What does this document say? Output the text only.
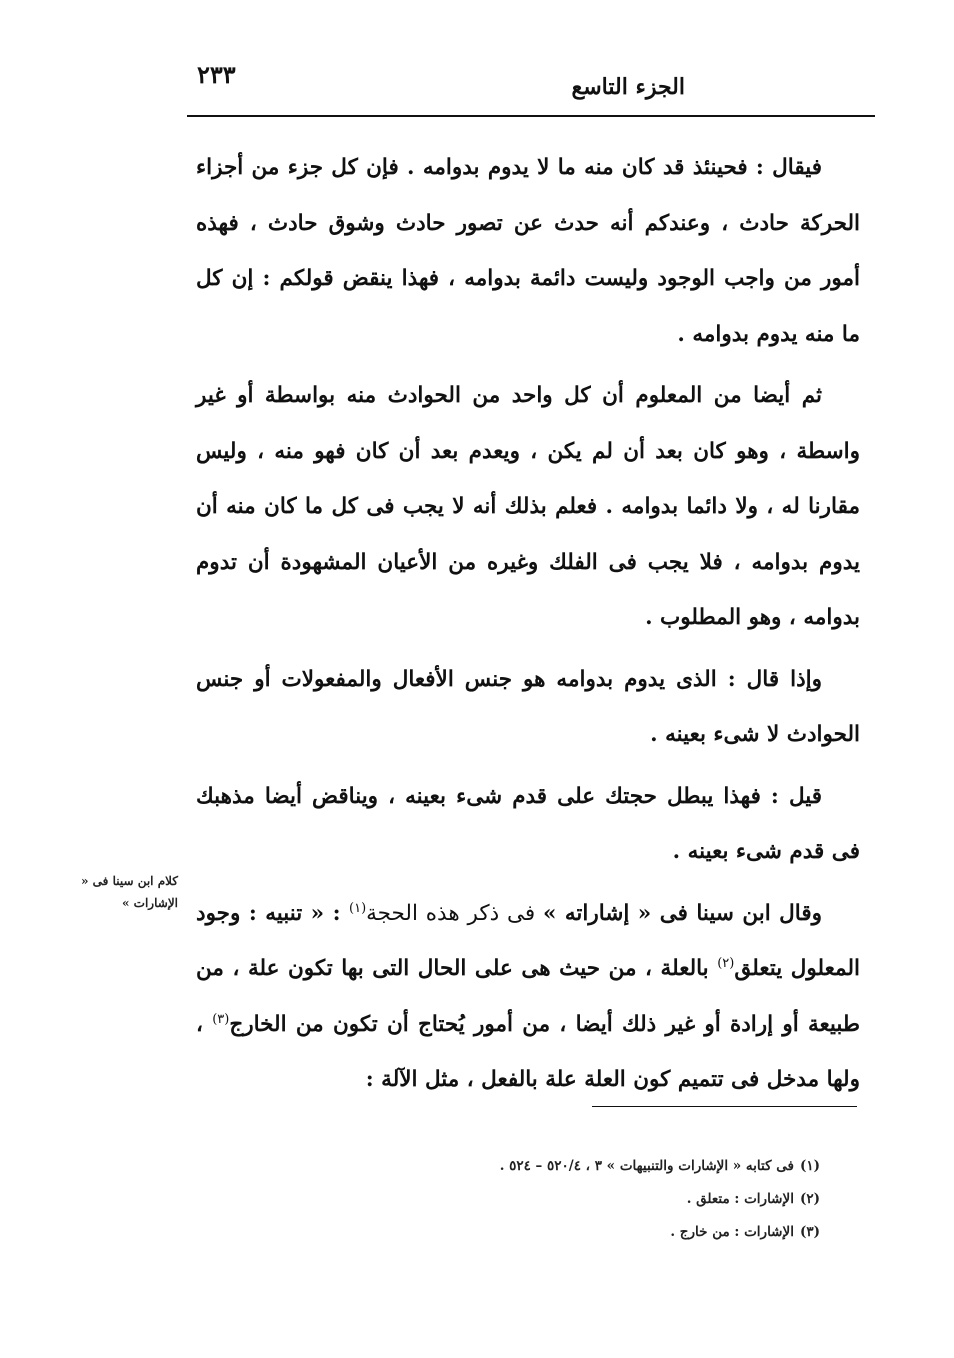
الجزء التاسع
٢٣٣

فيقال : فحينئذ قد كان منه ما لا يدوم بدوامه . فإن كل جزء من أجزاء الحركة حادث ، وعندكم أنه حدث عن تصور حادث وشوق حادث ، فهذه أمور من واجب الوجود وليست دائمة بدوامه ، فهذا ينقض قولكم : إن كل ما منه يدوم بدوامه .

ثم أيضا من المعلوم أن كل واحد من الحوادث منه بواسطة أو غير واسطة ، وهو كان بعد أن لم يكن ، ويعدم بعد أن كان فهو منه ، وليس مقارنا له ، ولا دائما بدوامه . فعلم بذلك أنه لا يجب فى كل ما كان منه أن يدوم بدوامه ، فلا يجب فى الفلك وغيره من الأعيان المشهودة أن تدوم بدوامه ، وهو المطلوب .

وإذا قال : الذى يدوم بدوامه هو جنس الأفعال والمفعولات أو جنس الحوادث لا شىء بعينه .

قيل : فهذا يبطل حجتك على قدم شىء بعينه ، ويناقض أيضا مذهبك فى قدم شىء بعينه .

وقال ابن سينا فى « إشاراته » فى ذكر هذه الحجة$^{(١)}$ : « تنبيه : وجود المعلول يتعلق$^{(٢)}$ بالعلة ، من حيث هى على الحال التى بها تكون علة ، من طبيعة أو إرادة أو غير ذلك أيضا ، من أمور يُحتاج أن تكون من الخارج$^{(٣)}$ ، ولها مدخل فى تتميم كون العلة علة بالفعل ، مثل الآلة :

كلام ابن سينا فى « الإشارات »
(١)فى كتابه « الإشارات والتنبيهات » ٣ ، ٥٢٠/٤ – ٥٢٤ .
(٢)الإشارات : متعلق .
(٣)الإشارات : من خارج .
